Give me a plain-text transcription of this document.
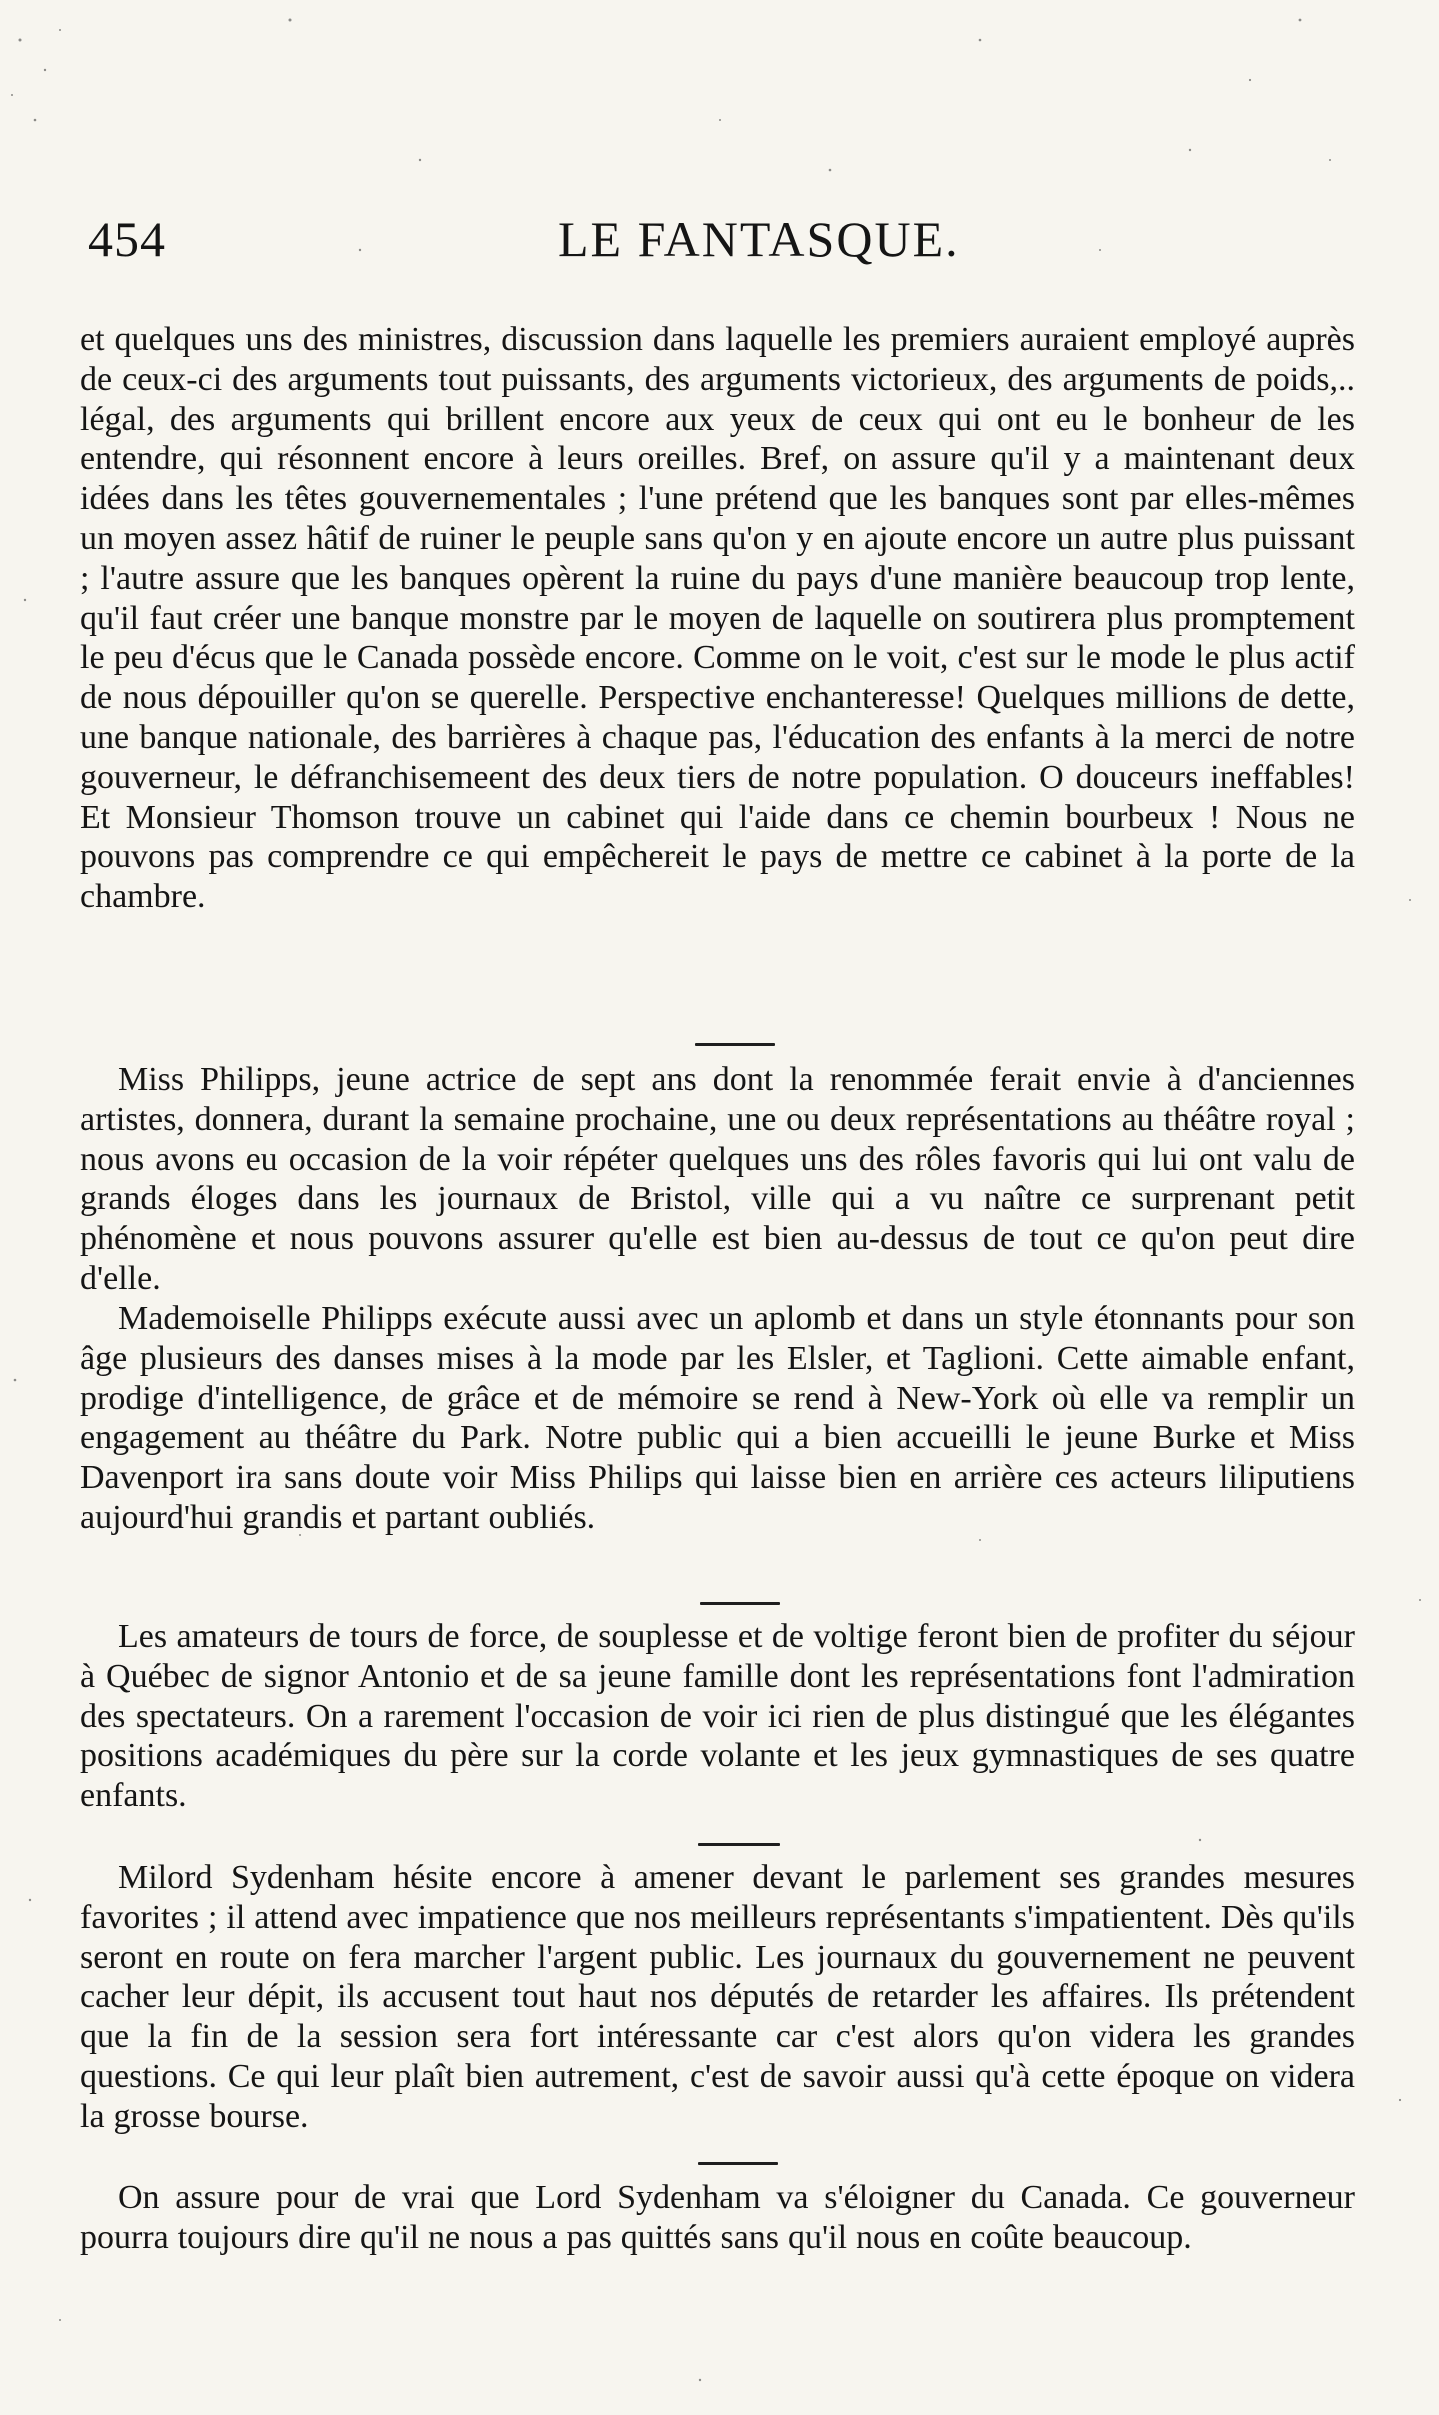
454	LE FANTASQUE.

et quelques uns des ministres, discussion dans laquelle les premiers auraient employé auprès de ceux-ci des arguments tout puissants, des arguments victorieux, des arguments de poids,.. légal, des arguments qui brillent encore aux yeux de ceux qui ont eu le bonheur de les entendre, qui résonnent encore à leurs oreilles. Bref, on assure qu'il y a maintenant deux idées dans les têtes gouvernementales ; l'une prétend que les banques sont par elles-mêmes un moyen assez hâtif de ruiner le peuple sans qu'on y en ajoute encore un autre plus puissant ; l'autre assure que les banques opèrent la ruine du pays d'une manière beaucoup trop lente, qu'il faut créer une banque monstre par le moyen de laquelle on soutirera plus promptement le peu d'écus que le Canada possède encore. Comme on le voit, c'est sur le mode le plus actif de nous dépouiller qu'on se querelle. Perspective enchanteresse! Quelques millions de dette, une banque nationale, des barrières à chaque pas, l'éducation des enfants à la merci de notre gouverneur, le défranchisemeent des deux tiers de notre population. O douceurs ineffables! Et Monsieur Thomson trouve un cabinet qui l'aide dans ce chemin bourbeux ! Nous ne pouvons pas comprendre ce qui empêchereit le pays de mettre ce cabinet à la porte de la chambre.

Miss Philipps, jeune actrice de sept ans dont la renommée ferait envie à d'anciennes artistes, donnera, durant la semaine prochaine, une ou deux représentations au théâtre royal ; nous avons eu occasion de la voir répéter quelques uns des rôles favoris qui lui ont valu de grands éloges dans les journaux de Bristol, ville qui a vu naître ce surprenant petit phénomène et nous pouvons assurer qu'elle est bien au-dessus de tout ce qu'on peut dire d'elle.

Mademoiselle Philipps exécute aussi avec un aplomb et dans un style étonnants pour son âge plusieurs des danses mises à la mode par les Elsler, et Taglioni. Cette aimable enfant, prodige d'intelligence, de grâce et de mémoire se rend à New-York où elle va remplir un engagement au théâtre du Park. Notre public qui a bien accueilli le jeune Burke et Miss Davenport ira sans doute voir Miss Philips qui laisse bien en arrière ces acteurs liliputiens aujourd'hui grandis et partant oubliés.

Les amateurs de tours de force, de souplesse et de voltige feront bien de profiter du séjour à Québec de signor Antonio et de sa jeune famille dont les représentations font l'admiration des spectateurs. On a rarement l'occasion de voir ici rien de plus distingué que les élégantes positions académiques du père sur la corde volante et les jeux gymnastiques de ses quatre enfants.

Milord Sydenham hésite encore à amener devant le parlement ses grandes mesures favorites ; il attend avec impatience que nos meilleurs représentants s'impatientent. Dès qu'ils seront en route on fera marcher l'argent public. Les journaux du gouvernement ne peuvent cacher leur dépit, ils accusent tout haut nos députés de retarder les affaires. Ils prétendent que la fin de la session sera fort intéressante car c'est alors qu'on videra les grandes questions. Ce qui leur plaît bien autrement, c'est de savoir aussi qu'à cette époque on videra la grosse bourse.

On assure pour de vrai que Lord Sydenham va s'éloigner du Canada. Ce gouverneur pourra toujours dire qu'il ne nous a pas quittés sans qu'il nous en coûte beaucoup.
